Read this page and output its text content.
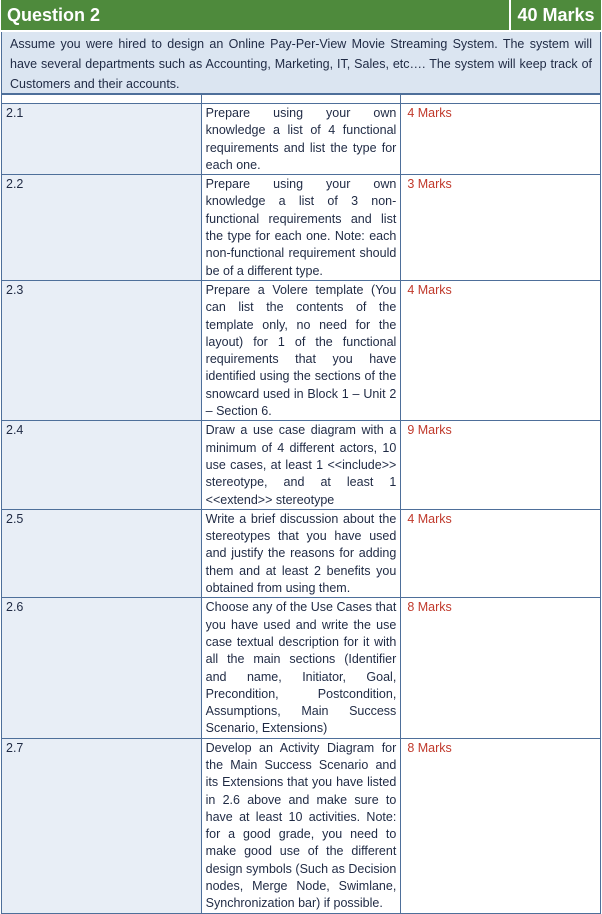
Question 2	40 Marks
Assume you were hired to design an Online Pay-Per-View Movie Streaming System. The system will have several departments such as Accounting, Marketing, IT, Sales, etc…. The system will keep track of Customers and their accounts.

2.1	Prepare using your own knowledge a list of 4 functional requirements and list the type for each one.	4 Marks
2.2	Prepare using your own knowledge a list of 3 non-functional requirements and list the type for each one. Note: each non-functional requirement should be of a different type.	3 Marks
2.3	Prepare a Volere template (You can list the contents of the template only, no need for the layout) for 1 of the functional requirements that you have identified using the sections of the snowcard used in Block 1 – Unit 2 – Section 6.	4 Marks
2.4	Draw a use case diagram with a minimum of 4 different actors, 10 use cases, at least 1 <<include>> stereotype, and at least 1 <<extend>> stereotype	9 Marks
2.5	Write a brief discussion about the stereotypes that you have used and justify the reasons for adding them and at least 2 benefits you obtained from using them.	4 Marks
2.6	Choose any of the Use Cases that you have used and write the use case textual description for it with all the main sections (Identifier and name, Initiator, Goal, Precondition, Postcondition, Assumptions, Main Success Scenario, Extensions)	8 Marks
2.7	Develop an Activity Diagram for the Main Success Scenario and its Extensions that you have listed in 2.6 above and make sure to have at least 10 activities. Note: for a good grade, you need to make good use of the different design symbols (Such as Decision nodes, Merge Node, Swimlane, Synchronization bar) if possible.	8 Marks
